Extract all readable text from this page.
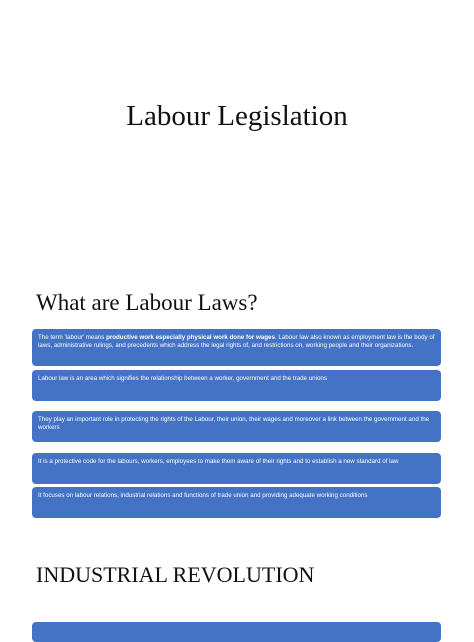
Labour Legislation
What are Labour Laws?
The term 'labour' means productive work especially physical work done for wages. Labour law also known as employment law is the body of laws, administrative rulings, and precedents which address the legal rights of, and restrictions on, working people and their organizations.
Labour law is an area which signifies the relationship between a worker, government and the trade unions
They play an important role in protecting the rights of the Labour, their union, their wages and moreover a link between the government and the workers
It is a protective code for the labours, workers, employees to make them aware of their rights and to establish a new standard of law
It focuses on labour relations, industrial relations and functions of trade union and providing adequate working conditions
INDUSTRIAL REVOLUTION
